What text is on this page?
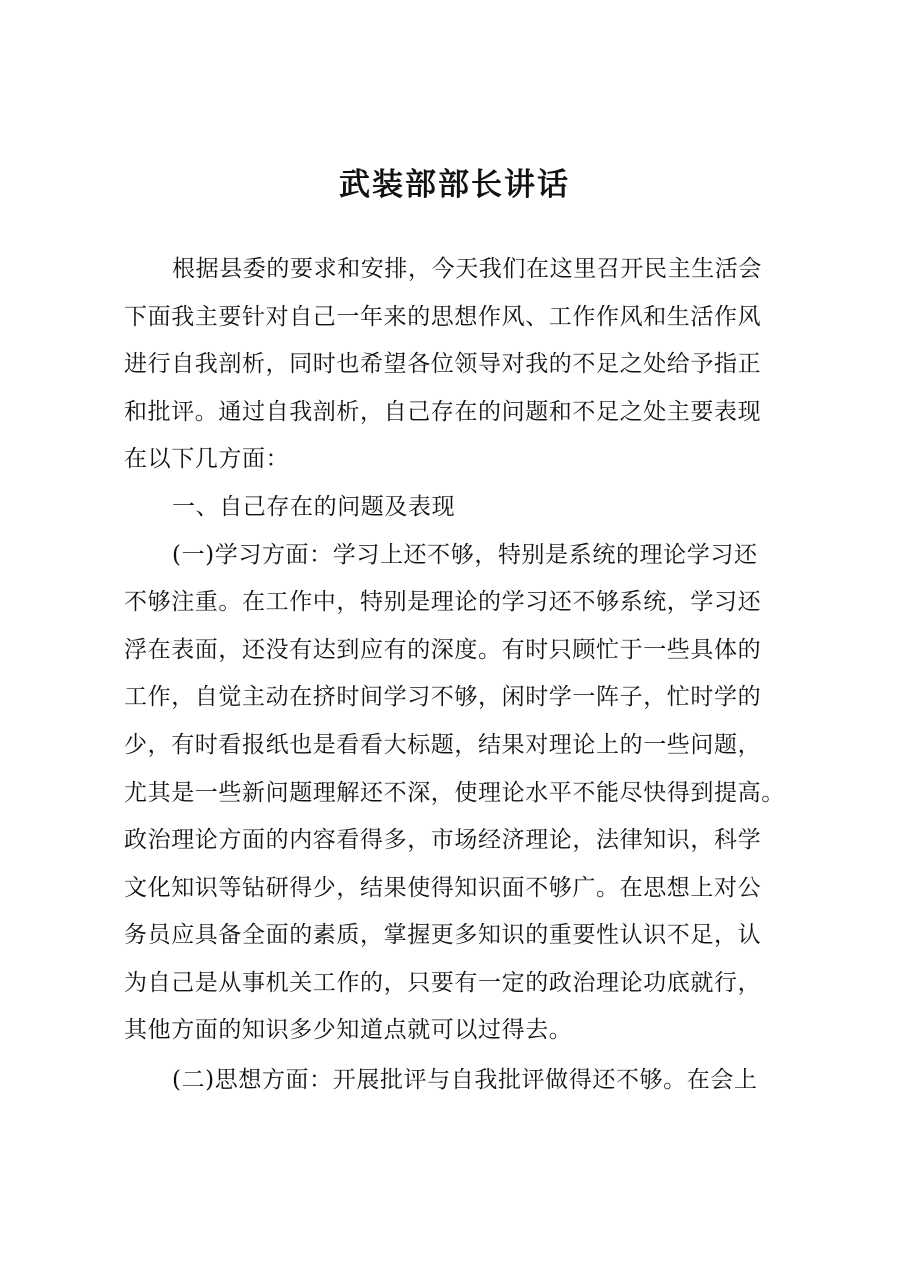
武装部部长讲话
根据县委的要求和安排，今天我们在这里召开民主生活会
下面我主要针对自己一年来的思想作风、工作作风和生活作风
进行自我剖析，同时也希望各位领导对我的不足之处给予指正
和批评。通过自我剖析，自己存在的问题和不足之处主要表现
在以下几方面：
一、自己存在的问题及表现
(一)学习方面：学习上还不够，特别是系统的理论学习还
不够注重。在工作中，特别是理论的学习还不够系统，学习还
浮在表面，还没有达到应有的深度。有时只顾忙于一些具体的
工作，自觉主动在挤时间学习不够，闲时学一阵子，忙时学的
少，有时看报纸也是看看大标题，结果对理论上的一些问题，
尤其是一些新问题理解还不深，使理论水平不能尽快得到提高。
政治理论方面的内容看得多，市场经济理论，法律知识，科学
文化知识等钻研得少，结果使得知识面不够广。在思想上对公
务员应具备全面的素质，掌握更多知识的重要性认识不足，认
为自己是从事机关工作的，只要有一定的政治理论功底就行，
其他方面的知识多少知道点就可以过得去。
(二)思想方面：开展批评与自我批评做得还不够。在会上
